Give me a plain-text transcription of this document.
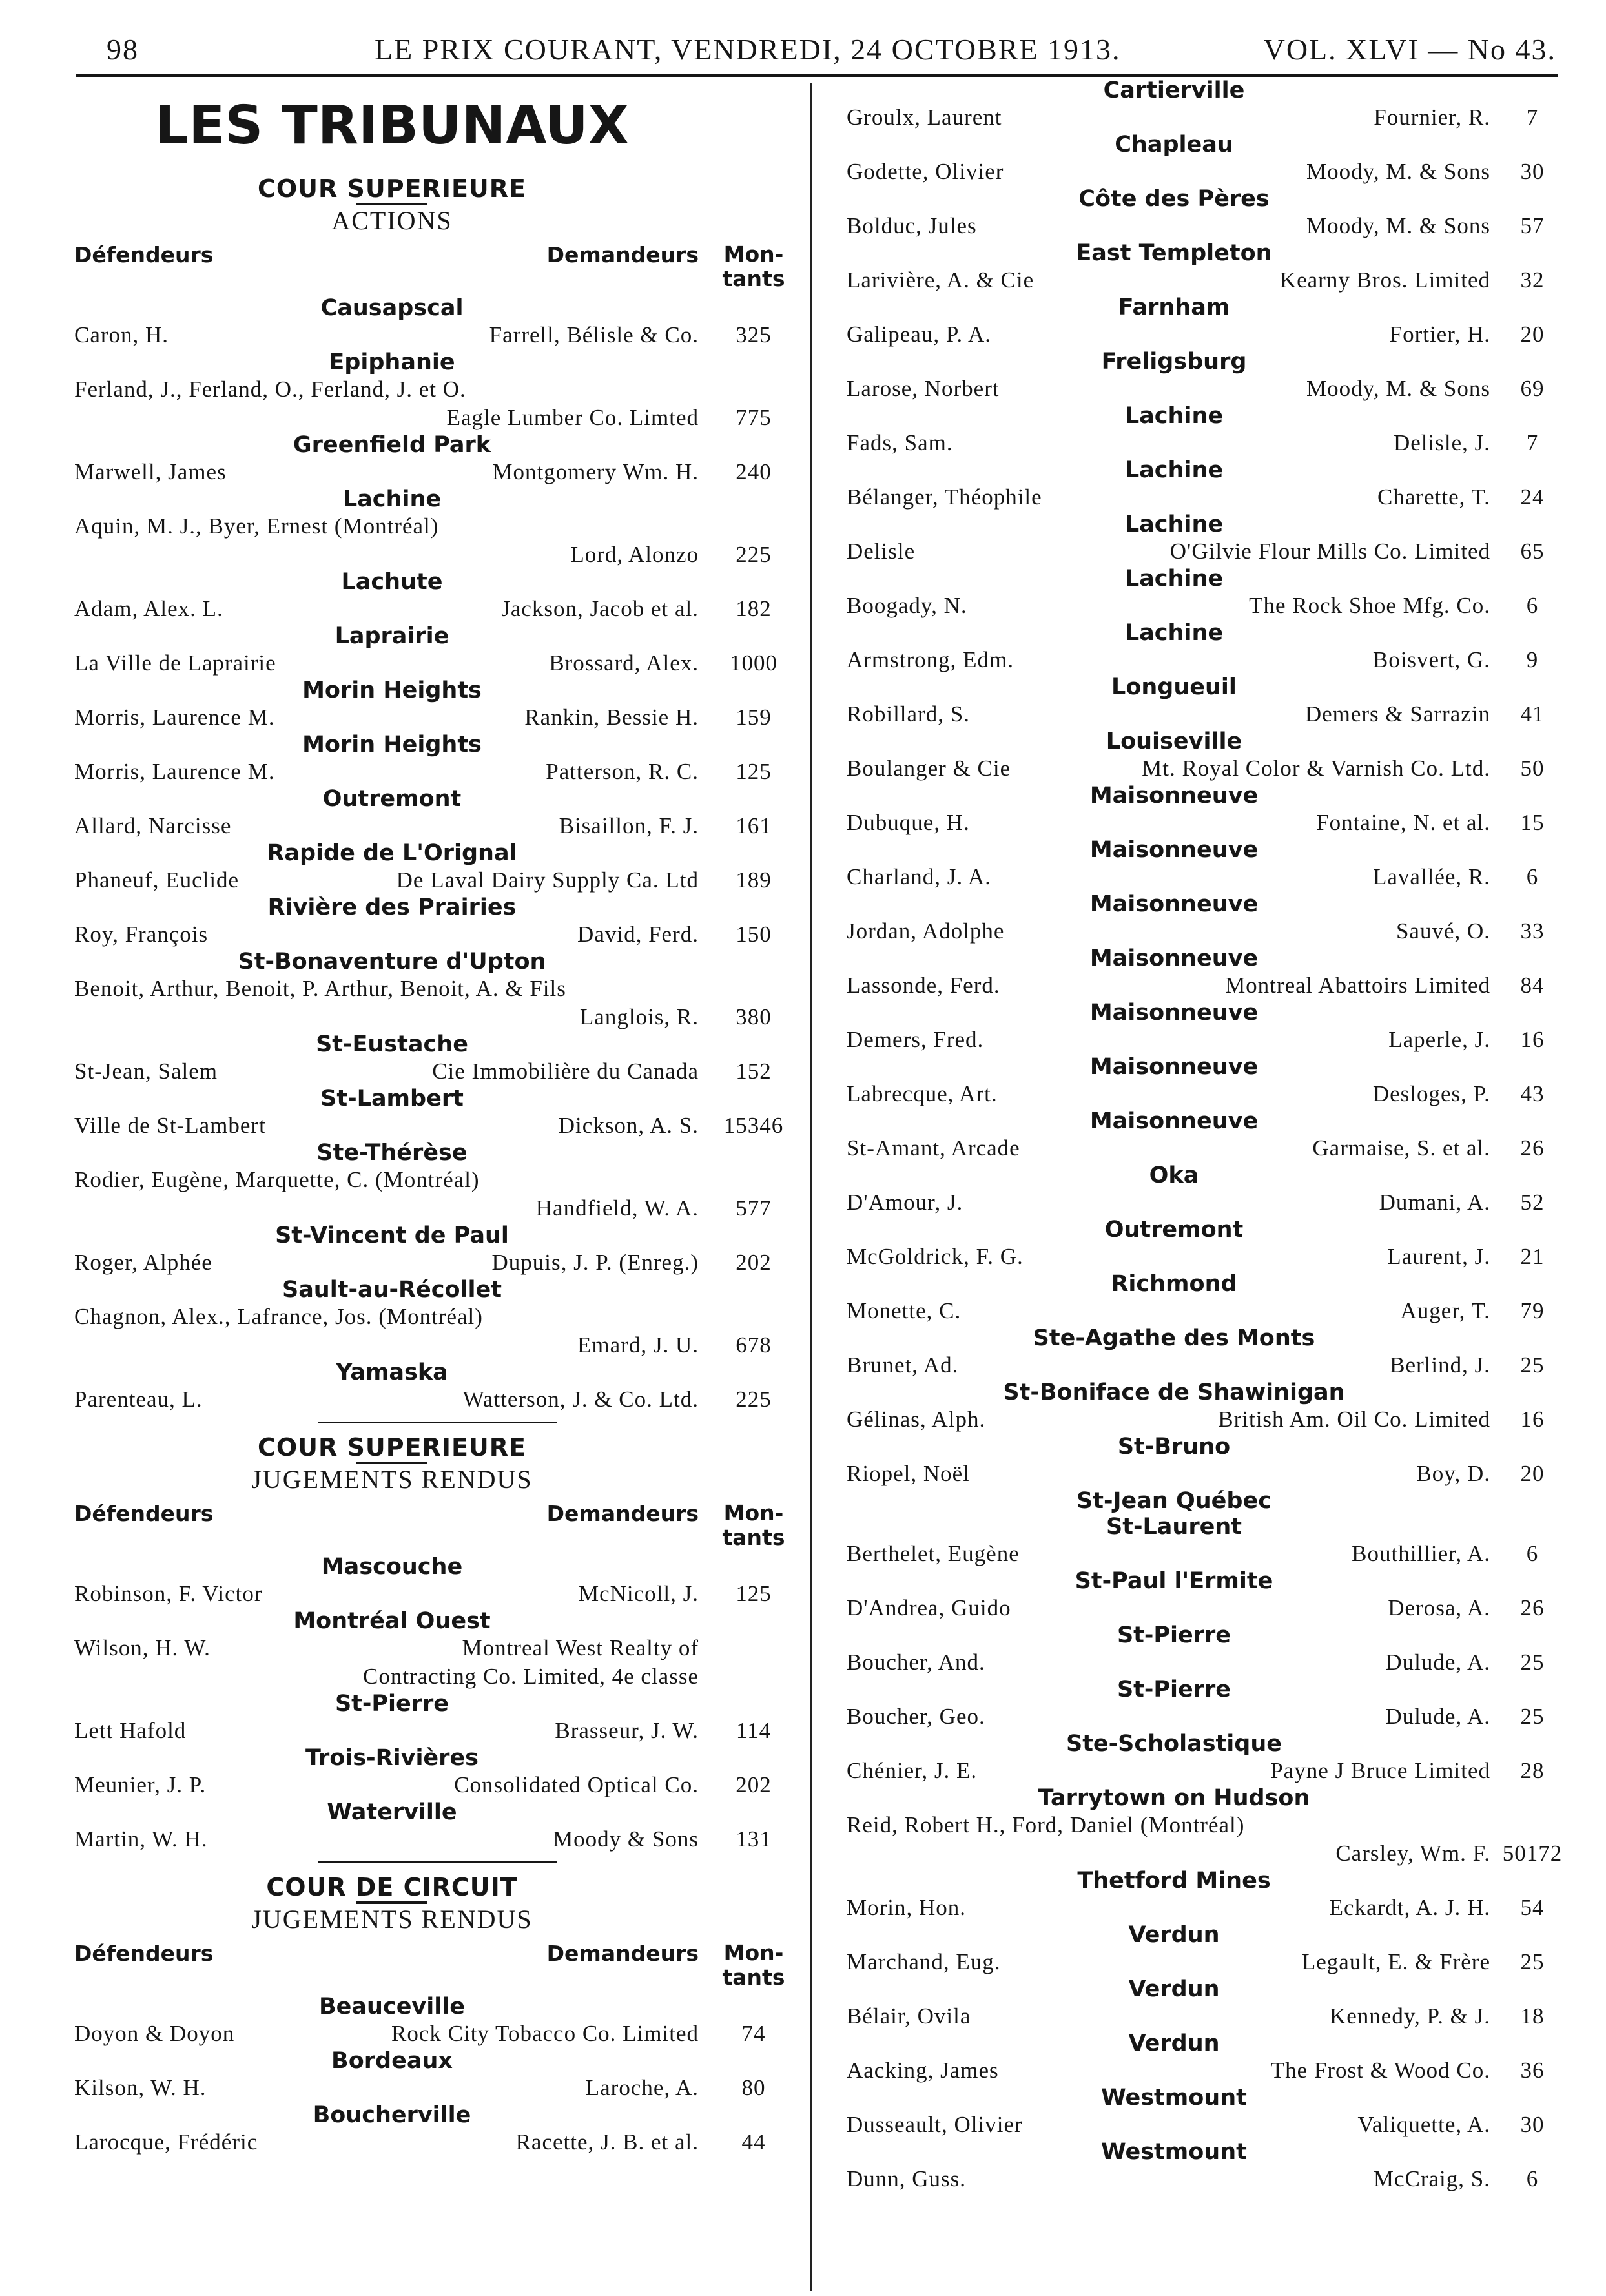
98	LE PRIX COURANT, VENDREDI, 24 OCTOBRE 1913.	VOL. XLVI — No 43.
LES TRIBUNAUX
COUR SUPERIEURE
ACTIONS
Défendeurs	Demandeurs Mon- tants
Causapscal
Caron, H.	Farrell, Bélisle & Co.	325
Epiphanie
Ferland, J., Ferland, O., Ferland, J. et O.
Eagle Lumber Co. Limted	775
Greenfield Park
Marwell, James	Montgomery Wm. H.	240
Lachine
Aquin, M. J., Byer, Ernest (Montréal)
Lord, Alonzo	225
Lachute
Adam, Alex. L.	Jackson, Jacob et al.	182
Laprairie
La Ville de Laprairie	Brossard, Alex.	1000
Morin Heights
Morris, Laurence M.	Rankin, Bessie H.	159
Morin Heights
Morris, Laurence M.	Patterson, R. C.	125
Outremont
Allard, Narcisse	Bisaillon, F. J.	161
Rapide de L'Orignal
Phaneuf, Euclide	De Laval Dairy Supply Ca. Ltd	189
Rivière des Prairies
Roy, François	David, Ferd.	150
St-Bonaventure d'Upton
Benoit, Arthur, Benoit, P. Arthur, Benoit, A. & Fils
Langlois, R.	380
St-Eustache
St-Jean, Salem	Cie Immobilière du Canada	152
St-Lambert
Ville de St-Lambert	Dickson, A. S. 15346
Ste-Thérèse
Rodier, Eugène, Marquette, C. (Montréal)
Handfield, W. A.	577
St-Vincent de Paul
Roger, Alphée	Dupuis, J. P. (Enreg.)	202
Sault-au-Récollet
Chagnon, Alex., Lafrance, Jos. (Montréal)
Emard, J. U.	678
Yamaska
Parenteau, L.	Watterson, J. & Co. Ltd.	225
COUR SUPERIEURE
JUGEMENTS RENDUS
Défendeurs	Demandeurs Mon- tants
Mascouche
Robinson, F. Victor	McNicoll, J.	125
Montréal Ouest
Wilson, H. W.	Montreal West Realty of
Contracting Co. Limited, 4e classe
St-Pierre
Lett Hafold	Brasseur, J. W.	114
Trois-Rivières
Meunier, J. P.	Consolidated Optical Co.	202
Waterville
Martin, W. H.	Moody & Sons	131
COUR DE CIRCUIT
JUGEMENTS RENDUS
Défendeurs	Demandeurs Mon- tants
Beauceville
Doyon & Doyon	Rock City Tobacco Co. Limited	74
Bordeaux
Kilson, W. H.	Laroche, A.	80
Boucherville
Larocque, Frédéric	Racette, J. B. et al.	44
Cartierville
Groulx, Laurent	Fournier, R.	7
Chapleau
Godette, Olivier	Moody, M. & Sons	30
Côte des Pères
Bolduc, Jules	Moody, M. & Sons	57
East Templeton
Larivière, A. & Cie	Kearny Bros. Limited	32
Farnham
Galipeau, P. A.	Fortier, H.	20
Freligsburg
Larose, Norbert	Moody, M. & Sons	69
Lachine
Fads, Sam.	Delisle, J.	7
Lachine
Bélanger, Théophile	Charette, T.	24
Lachine
Delisle	O'Gilvie Flour Mills Co. Limited	65
Lachine
Boogady, N.	The Rock Shoe Mfg. Co.	6
Lachine
Armstrong, Edm.	Boisvert, G.	9
Longueuil
Robillard, S.	Demers & Sarrazin	41
Louiseville
Boulanger & Cie	Mt. Royal Color & Varnish Co. Ltd.	50
Maisonneuve
Dubuque, H.	Fontaine, N. et al.	15
Maisonneuve
Charland, J. A.	Lavallée, R.	6
Maisonneuve
Jordan, Adolphe	Sauvé, O.	33
Maisonneuve
Lassonde, Ferd.	Montreal Abattoirs Limited	84
Maisonneuve
Demers, Fred.	Laperle, J.	16
Maisonneuve
Labrecque, Art.	Desloges, P.	43
Maisonneuve
St-Amant, Arcade	Garmaise, S. et al.	26
Oka
D'Amour, J.	Dumani, A.	52
Outremont
McGoldrick, F. G.	Laurent, J.	21
Richmond
Monette, C.	Auger, T.	79
Ste-Agathe des Monts
Brunet, Ad.	Berlind, J.	25
St-Boniface de Shawinigan
Gélinas, Alph.	British Am. Oil Co. Limited	16
St-Bruno
Riopel, Noël	Boy, D.	20
St-Jean Québec
St-Laurent
Berthelet, Eugène	Bouthillier, A.	6
St-Paul l'Ermite
D'Andrea, Guido	Derosa, A.	26
St-Pierre
Boucher, And.	Dulude, A.	25
St-Pierre
Boucher, Geo.	Dulude, A.	25
Ste-Scholastique
Chénier, J. E.	Payne J Bruce Limited	28
Tarrytown on Hudson
Reid, Robert H., Ford, Daniel (Montréal)
Carsley, Wm. F. 50172
Thetford Mines
Morin, Hon.	Eckardt, A. J. H.	54
Verdun
Marchand, Eug.	Legault, E. & Frère	25
Verdun
Bélair, Ovila	Kennedy, P. & J.	18
Verdun
Aacking, James	The Frost & Wood Co.	36
Westmount
Dusseault, Olivier	Valiquette, A.	30
Westmount
Dunn, Guss.	McCraig, S.	6
